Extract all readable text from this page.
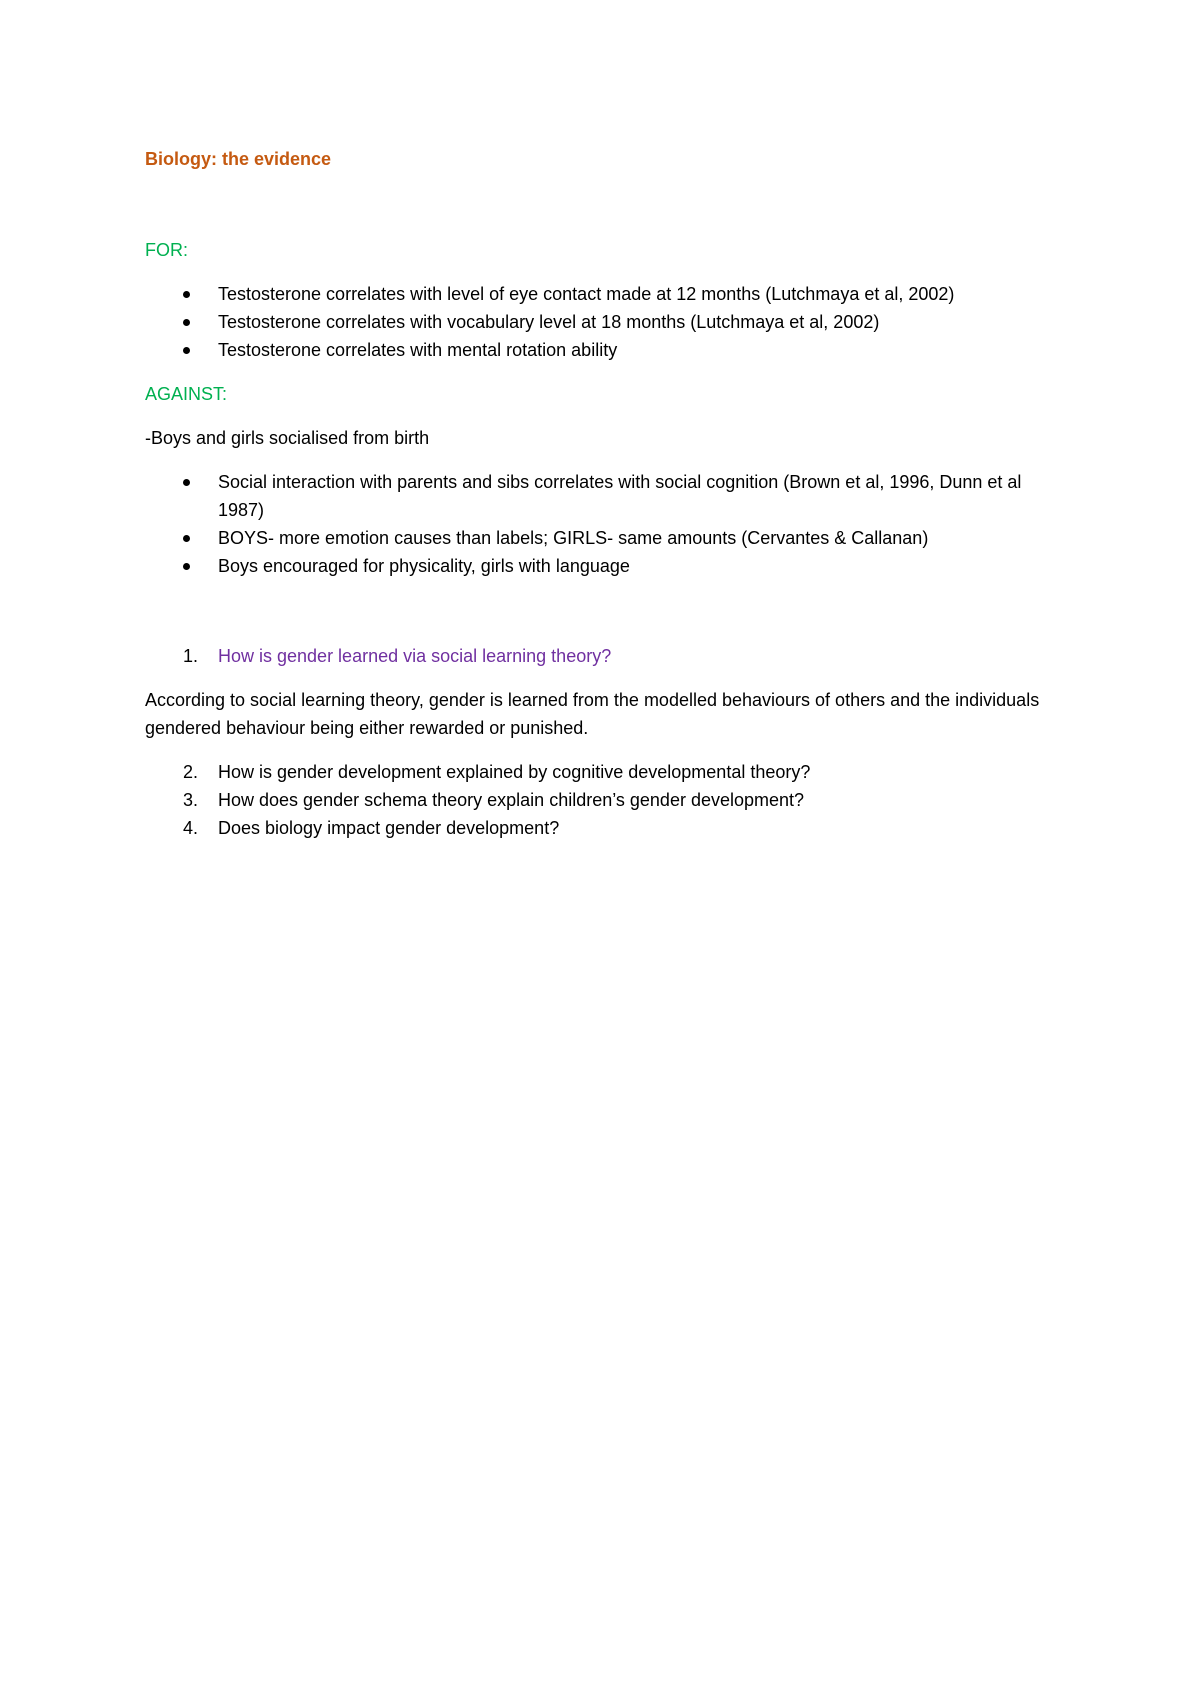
Biology: the evidence
FOR:
Testosterone correlates with level of eye contact made at 12 months (Lutchmaya et al, 2002)
Testosterone correlates with vocabulary level at 18 months (Lutchmaya et al, 2002)
Testosterone correlates with mental rotation ability
AGAINST:
-Boys and girls socialised from birth
Social interaction with parents and sibs correlates with social cognition (Brown et al, 1996, Dunn et al 1987)
BOYS- more emotion causes than labels; GIRLS- same amounts (Cervantes & Callanan)
Boys encouraged for physicality, girls with language
1. How is gender learned via social learning theory?
According to social learning theory, gender is learned from the modelled behaviours of others and the individuals gendered behaviour being either rewarded or punished.
2. How is gender development explained by cognitive developmental theory?
3. How does gender schema theory explain children’s gender development?
4. Does biology impact gender development?
